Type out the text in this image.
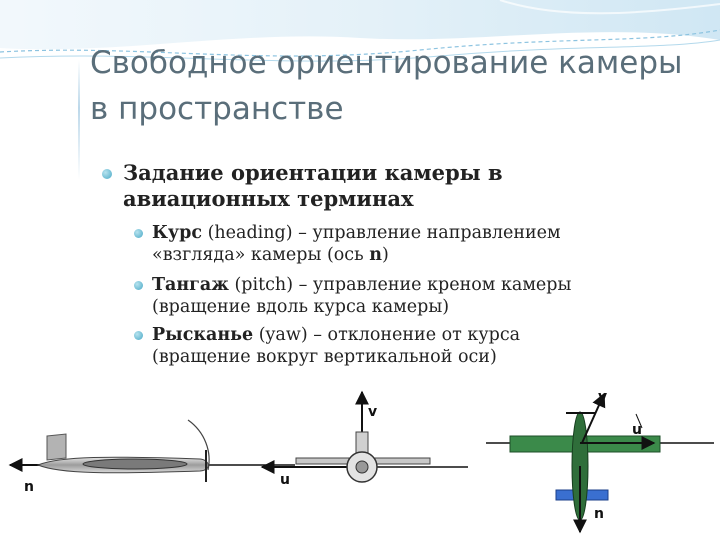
Свободное ориентирование камеры
в пространстве
Задание ориентации камеры в
авиационных терминах
Курс (heading) – управление направлением
«взгляда» камеры (ось n)
Тангаж (pitch) – управление креном камеры
(вращение вдоль курса камеры)
Рысканье (yaw) – отклонение от курса
(вращение вокруг вертикальной оси)
n
v
u
v
u
n
